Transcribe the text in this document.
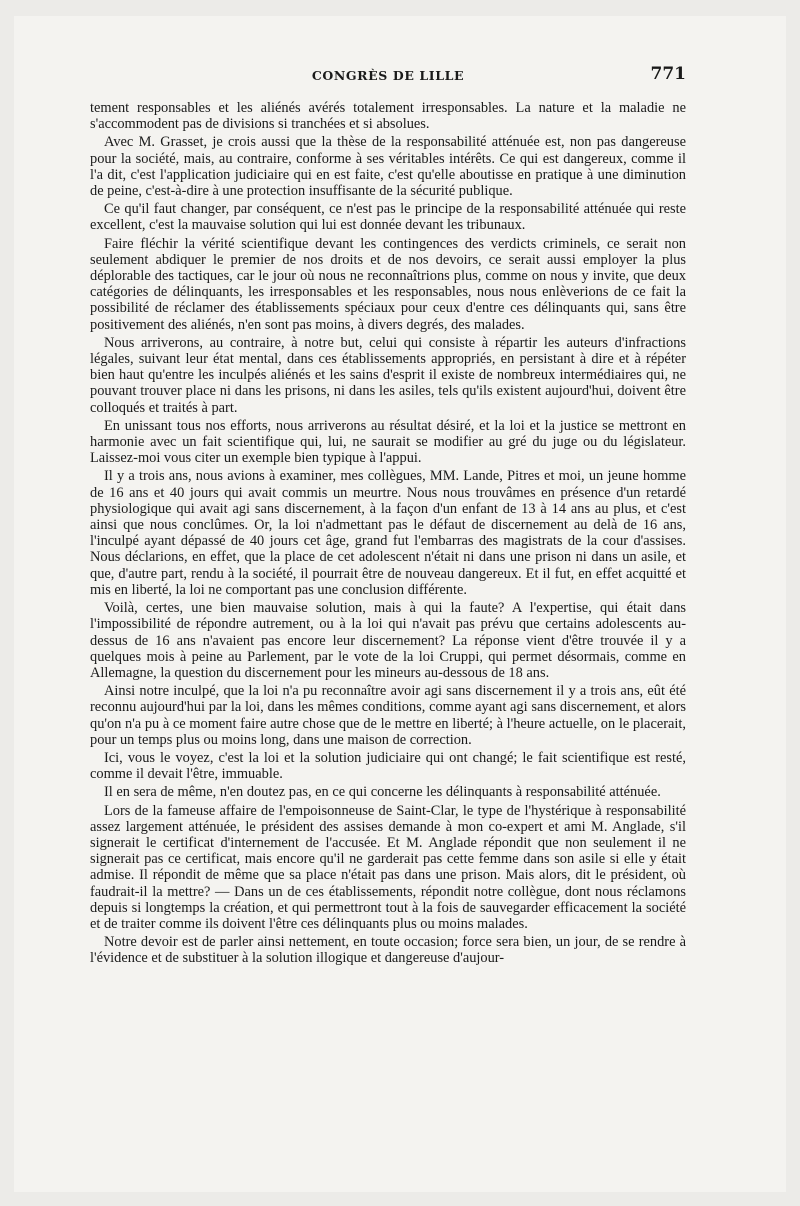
CONGRÈS DE LILLE	771

tement responsables et les aliénés avérés totalement irresponsables. La nature et la maladie ne s'accommodent pas de divisions si tranchées et si absolues.

Avec M. Grasset, je crois aussi que la thèse de la responsabilité atténuée est, non pas dangereuse pour la société, mais, au contraire, conforme à ses véritables intérêts. Ce qui est dangereux, comme il l'a dit, c'est l'application judiciaire qui en est faite, c'est qu'elle aboutisse en pratique à une diminution de peine, c'est-à-dire à une protection insuffisante de la sécurité publique.

Ce qu'il faut changer, par conséquent, ce n'est pas le principe de la responsabilité atténuée qui reste excellent, c'est la mauvaise solution qui lui est donnée devant les tribunaux.

Faire fléchir la vérité scientifique devant les contingences des verdicts criminels, ce serait non seulement abdiquer le premier de nos droits et de nos devoirs, ce serait aussi employer la plus déplorable des tactiques, car le jour où nous ne reconnaîtrions plus, comme on nous y invite, que deux catégories de délinquants, les irresponsables et les responsables, nous nous enlèverions de ce fait la possibilité de réclamer des établissements spéciaux pour ceux d'entre ces délinquants qui, sans être positivement des aliénés, n'en sont pas moins, à divers degrés, des malades.

Nous arriverons, au contraire, à notre but, celui qui consiste à répartir les auteurs d'infractions légales, suivant leur état mental, dans ces établissements appropriés, en persistant à dire et à répéter bien haut qu'entre les inculpés aliénés et les sains d'esprit il existe de nombreux intermédiaires qui, ne pouvant trouver place ni dans les prisons, ni dans les asiles, tels qu'ils existent aujourd'hui, doivent être colloqués et traités à part.

En unissant tous nos efforts, nous arriverons au résultat désiré, et la loi et la justice se mettront en harmonie avec un fait scientifique qui, lui, ne saurait se modifier au gré du juge ou du législateur. Laissez-moi vous citer un exemple bien typique à l'appui.

Il y a trois ans, nous avions à examiner, mes collègues, MM. Lande, Pitres et moi, un jeune homme de 16 ans et 40 jours qui avait commis un meurtre. Nous nous trouvâmes en présence d'un retardé physiologique qui avait agi sans discernement, à la façon d'un enfant de 13 à 14 ans au plus, et c'est ainsi que nous conclûmes. Or, la loi n'admettant pas le défaut de discernement au delà de 16 ans, l'inculpé ayant dépassé de 40 jours cet âge, grand fut l'embarras des magistrats de la cour d'assises. Nous déclarions, en effet, que la place de cet adolescent n'était ni dans une prison ni dans un asile, et que, d'autre part, rendu à la société, il pourrait être de nouveau dangereux. Et il fut, en effet acquitté et mis en liberté, la loi ne comportant pas une conclusion différente.

Voilà, certes, une bien mauvaise solution, mais à qui la faute? A l'expertise, qui était dans l'impossibilité de répondre autrement, ou à la loi qui n'avait pas prévu que certains adolescents au-dessus de 16 ans n'avaient pas encore leur discernement? La réponse vient d'être trouvée il y a quelques mois à peine au Parlement, par le vote de la loi Cruppi, qui permet désormais, comme en Allemagne, la question du discernement pour les mineurs au-dessous de 18 ans.

Ainsi notre inculpé, que la loi n'a pu reconnaître avoir agi sans discernement il y a trois ans, eût été reconnu aujourd'hui par la loi, dans les mêmes conditions, comme ayant agi sans discernement, et alors qu'on n'a pu à ce moment faire autre chose que de le mettre en liberté; à l'heure actuelle, on le placerait, pour un temps plus ou moins long, dans une maison de correction.

Ici, vous le voyez, c'est la loi et la solution judiciaire qui ont changé; le fait scientifique est resté, comme il devait l'être, immuable.

Il en sera de même, n'en doutez pas, en ce qui concerne les délinquants à responsabilité atténuée.

Lors de la fameuse affaire de l'empoisonneuse de Saint-Clar, le type de l'hystérique à responsabilité assez largement atténuée, le président des assises demande à mon co-expert et ami M. Anglade, s'il signerait le certificat d'internement de l'accusée. Et M. Anglade répondit que non seulement il ne signerait pas ce certificat, mais encore qu'il ne garderait pas cette femme dans son asile si elle y était admise. Il répondit de même que sa place n'était pas dans une prison. Mais alors, dit le président, où faudrait-il la mettre? — Dans un de ces établissements, répondit notre collègue, dont nous réclamons depuis si longtemps la création, et qui permettront tout à la fois de sauvegarder efficacement la société et de traiter comme ils doivent l'être ces délinquants plus ou moins malades.

Notre devoir est de parler ainsi nettement, en toute occasion; force sera bien, un jour, de se rendre à l'évidence et de substituer à la solution illogique et dangereuse d'aujour-
